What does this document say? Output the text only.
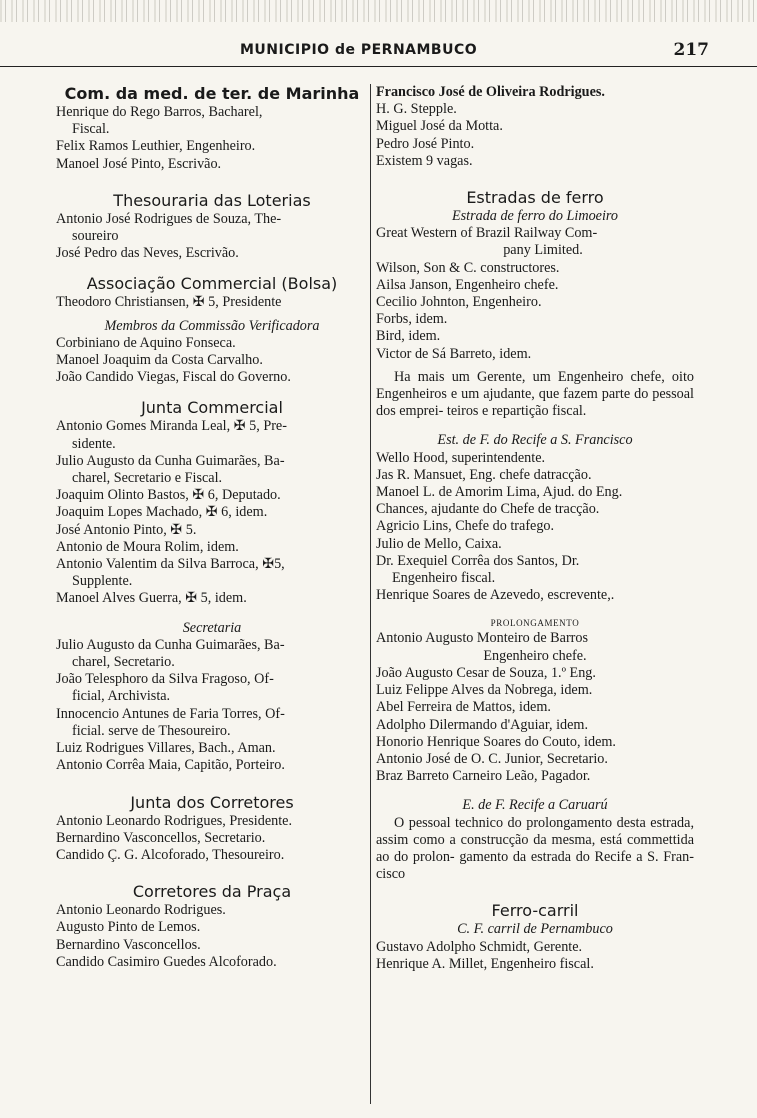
MUNICIPIO de PERNAMBUCO	217
Com. da med. de ter. de Marinha
Henrique do Rego Barros, Bacharel,
Fiscal.
Felix Ramos Leuthier, Engenheiro.
Manoel José Pinto, Escrivão.
Thesouraria das Loterias
Antonio José Rodrigues de Souza, The-
soureiro
José Pedro das Neves, Escrivão.
Associação Commercial (Bolsa)
Theodoro Christiansen, ✠ 5, Presidente
Membros da Commissão Verificadora
Corbiniano de Aquino Fonseca.
Manoel Joaquim da Costa Carvalho.
João Candido Viegas, Fiscal do Governo.
Junta Commercial
Antonio Gomes Miranda Leal, ✠ 5, Pre-
sidente.
Julio Augusto da Cunha Guimarães, Ba-
charel, Secretario e Fiscal.
Joaquim Olinto Bastos, ✠ 6, Deputado.
Joaquim Lopes Machado, ✠ 6, idem.
José Antonio Pinto, ✠ 5.
Antonio de Moura Rolim, idem.
Antonio Valentim da Silva Barroca, ✠5,
Supplente.
Manoel Alves Guerra, ✠ 5, idem.
Secretaria
Julio Augusto da Cunha Guimarães, Ba-
charel, Secretario.
João Telesphoro da Silva Fragoso, Of-
ficial, Archivista.
Innocencio Antunes de Faria Torres, Of-
ficial. serve de Thesoureiro.
Luiz Rodrigues Villares, Bach., Aman.
Antonio Corrêa Maia, Capitão, Porteiro.
Junta dos Corretores
Antonio Leonardo Rodrigues, Presidente.
Bernardino Vasconcellos, Secretario.
Candido Ç. G. Alcoforado, Thesoureiro.
Corretores da Praça
Antonio Leonardo Rodrigues.
Augusto Pinto de Lemos.
Bernardino Vasconcellos.
Candido Casimiro Guedes Alcoforado.
Francisco José de Oliveira Rodrigues.
H. G. Stepple.
Miguel José da Motta.
Pedro José Pinto.
Existem 9 vagas.
Estradas de ferro
Estrada de ferro do Limoeiro
Great Western of Brazil Railway Com-
pany Limited.
Wilson, Son & C. constructores.
Ailsa Janson, Engenheiro chefe.
Cecilio Johnton, Engenheiro.
Forbs, idem.
Bird, idem.
Victor de Sá Barreto, idem.
Ha mais um Gerente, um Engenheiro chefe, oito Engenheiros e um ajudante, que fazem parte do pessoal dos emprei- teiros e repartição fiscal.
Est. de F. do Recife a S. Francisco
Wello Hood, superintendente.
Jas R. Mansuet, Eng. chefe datracção.
Manoel L. de Amorim Lima, Ajud. do Eng.
Chances, ajudante do Chefe de tracção.
Agricio Lins, Chefe do trafego.
Julio de Mello, Caixa.
Dr. Exequiel Corrêa dos Santos, Dr.
Engenheiro fiscal.
Henrique Soares de Azevedo, escrevente,.
PROLONGAMENTO
Antonio Augusto Monteiro de Barros
Engenheiro chefe.
João Augusto Cesar de Souza, 1.º Eng.
Luiz Felippe Alves da Nobrega, idem.
Abel Ferreira de Mattos, idem.
Adolpho Dilermando d'Aguiar, idem.
Honorio Henrique Soares do Couto, idem.
Antonio José de O. C. Junior, Secretario.
Braz Barreto Carneiro Leão, Pagador.
E. de F. Recife a Caruarú
O pessoal technico do prolongamento desta estrada, assim como a construcção da mesma, está commettida ao do prolon- gamento da estrada do Recife a S. Fran- cisco
Ferro-carril
C. F. carril de Pernambuco
Gustavo Adolpho Schmidt, Gerente.
Henrique A. Millet, Engenheiro fiscal.
